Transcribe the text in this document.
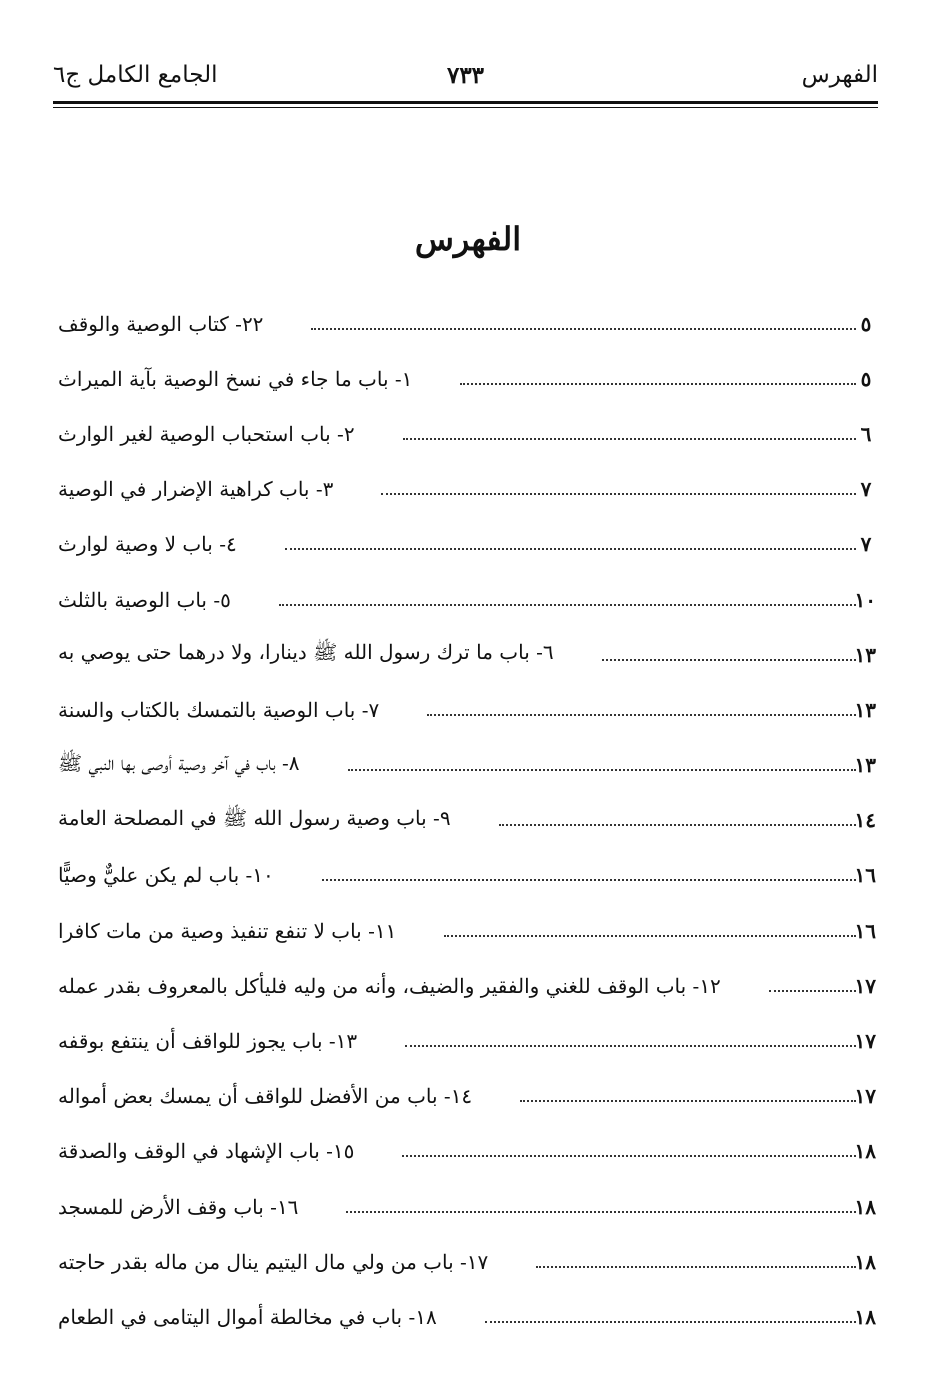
الفهرس
٧٣٣
الجامع الكامل ج٦
الفهرس
٢٢- كتاب الوصية والوقف	٥
١- باب ما جاء في نسخ الوصية بآية الميراث	٥
٢- باب استحباب الوصية لغير الوارث	٦
٣- باب كراهية الإضرار في الوصية	٧
٤- باب لا وصية لوارث	٧
٥- باب الوصية بالثلث	١٠
٦- باب ما ترك رسول الله ﷺ دينارا، ولا درهما حتى يوصي به	١٣
٧- باب الوصية بالتمسك بالكتاب والسنة	١٣
٨- باب في آخر وصية أوصى بها النبي ﷺ	١٣
٩- باب وصية رسول الله ﷺ في المصلحة العامة	١٤
١٠- باب لم يكن عليٌّ وصيًّا	١٦
١١- باب لا تنفع تنفيذ وصية من مات كافرا	١٦
١٢- باب الوقف للغني والفقير والضيف، وأنه من وليه فليأكل بالمعروف بقدر عمله	١٧
١٣- باب يجوز للواقف أن ينتفع بوقفه	١٧
١٤- باب من الأفضل للواقف أن يمسك بعض أمواله	١٧
١٥- باب الإشهاد في الوقف والصدقة	١٨
١٦- باب وقف الأرض للمسجد	١٨
١٧- باب من ولي مال اليتيم ينال من ماله بقدر حاجته	١٨
١٨- باب في مخالطة أموال اليتامى في الطعام	١٨
